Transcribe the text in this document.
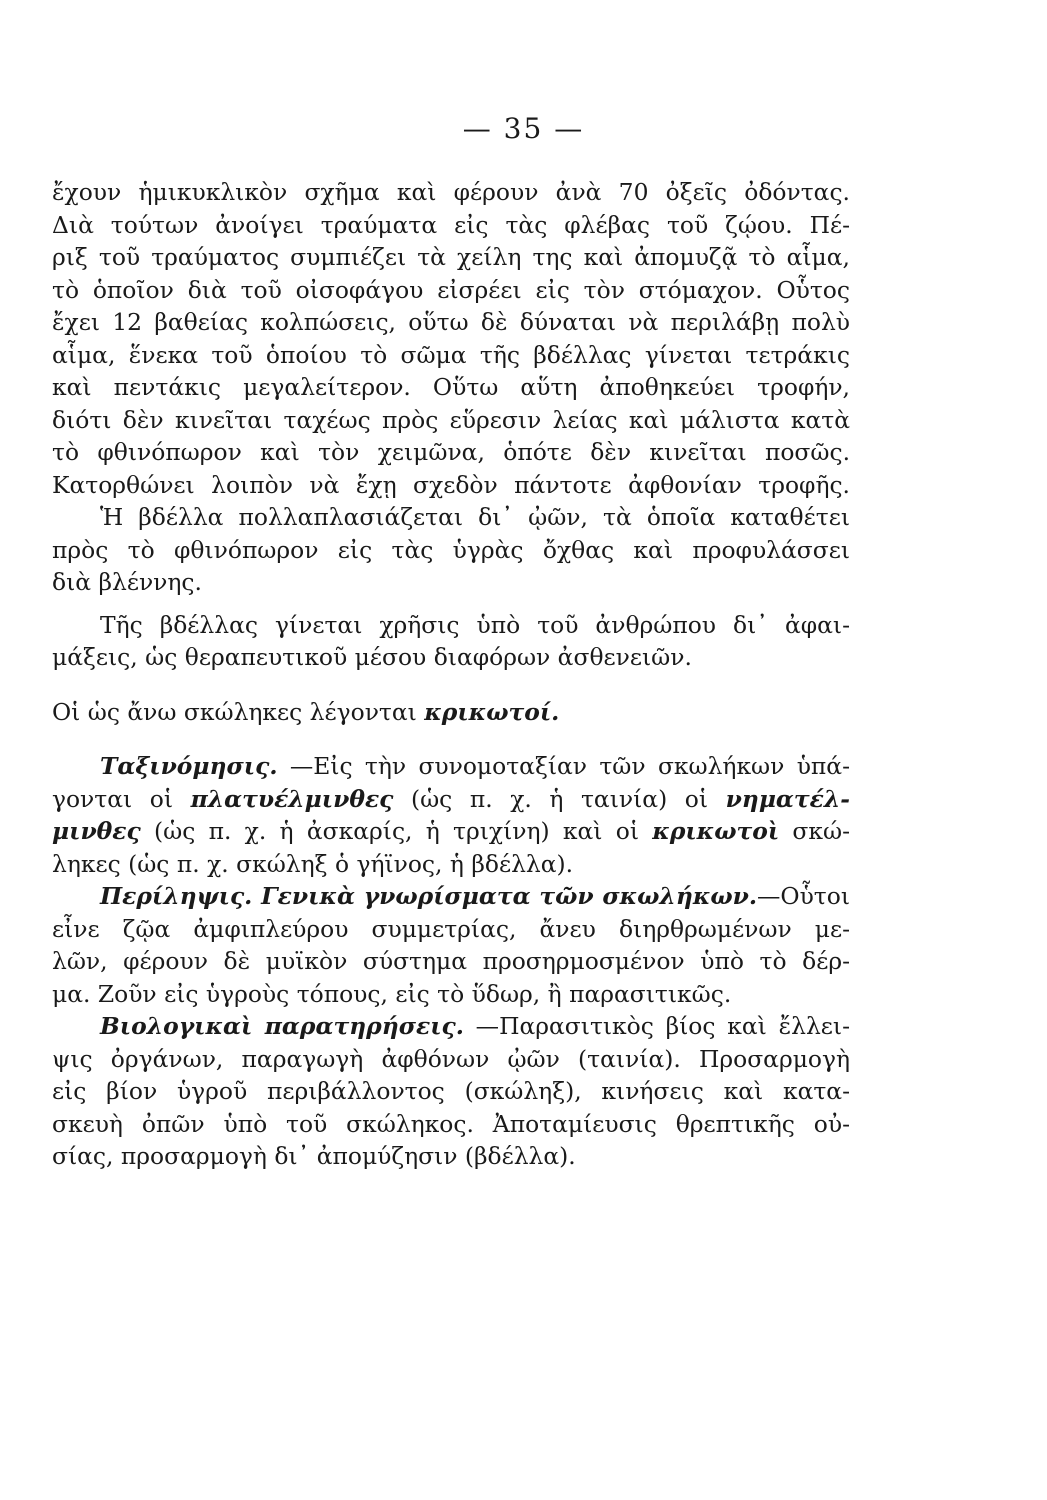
— 35 —
ἔχουν ἡμικυκλικὸν σχῆμα καὶ φέρουν ἀνὰ 70 ὀξεῖς ὀδόντας.
Διὰ τούτων ἀνοίγει τραύματα εἰς τὰς φλέβας τοῦ ζῴου. Πέ-
ριξ τοῦ τραύματος συμπιέζει τὰ χείλη της καὶ ἀπομυζᾷ τὸ αἷμα,
τὸ ὁποῖον διὰ τοῦ οἰσοφάγου εἰσρέει εἰς τὸν στόμαχον. Οὗτος
ἔχει 12 βαθείας κολπώσεις, οὕτω δὲ δύναται νὰ περιλάβῃ πολὺ
αἷμα, ἕνεκα τοῦ ὁποίου τὸ σῶμα τῆς βδέλλας γίνεται τετράκις
καὶ πεντάκις μεγαλείτερον. Οὕτω αὕτη ἀποθηκεύει τροφήν,
διότι δὲν κινεῖται ταχέως πρὸς εὕρεσιν λείας καὶ μάλιστα κατὰ
τὸ φθινόπωρον καὶ τὸν χειμῶνα, ὁπότε δὲν κινεῖται ποσῶς.
Κατορθώνει λοιπὸν νὰ ἔχῃ σχεδὸν πάντοτε ἀφθονίαν τροφῆς.
Ἡ βδέλλα πολλαπλασιάζεται δι᾽ ᾠῶν, τὰ ὁποῖα καταθέτει
πρὸς τὸ φθινόπωρον εἰς τὰς ὑγρὰς ὄχθας καὶ προφυλάσσει
διὰ βλέννης.
Τῆς βδέλλας γίνεται χρῆσις ὑπὸ τοῦ ἀνθρώπου δι᾽ ἀφαι-
μάξεις, ὡς θεραπευτικοῦ μέσου διαφόρων ἀσθενειῶν.
Οἱ ὡς ἄνω σκώληκες λέγονται κρικωτοί.
Ταξινόμησις. —Εἰς τὴν συνομοταξίαν τῶν σκωλήκων ὑπά-
γονται οἱ πλατυέλμινθες (ὡς π. χ. ἡ ταινία) οἱ νηματέλ-
μινθες (ὡς π. χ. ἡ ἀσκαρίς, ἡ τριχίνη) καὶ οἱ κρικωτοὶ σκώ-
ληκες (ὡς π. χ. σκώληξ ὁ γήϊνος, ἡ βδέλλα).
Περίληψις. Γενικὰ γνωρίσματα τῶν σκωλήκων.—Οὗτοι
εἶνε ζῷα ἀμφιπλεύρου συμμετρίας, ἄνευ διηρθρωμένων με-
λῶν, φέρουν δὲ μυϊκὸν σύστημα προσηρμοσμένον ὑπὸ τὸ δέρ-
μα. Ζοῦν εἰς ὑγροὺς τόπους, εἰς τὸ ὕδωρ, ἢ παρασιτικῶς.
Βιολογικαὶ παρατηρήσεις. —Παρασιτικὸς βίος καὶ ἔλλει-
ψις ὀργάνων, παραγωγὴ ἀφθόνων ᾠῶν (ταινία). Προσαρμογὴ
εἰς βίον ὑγροῦ περιβάλλοντος (σκώληξ), κινήσεις καὶ κατα-
σκευὴ ὀπῶν ὑπὸ τοῦ σκώληκος. Ἀποταμίευσις θρεπτικῆς οὐ-
σίας, προσαρμογὴ δι᾽ ἀπομύζησιν (βδέλλα).
